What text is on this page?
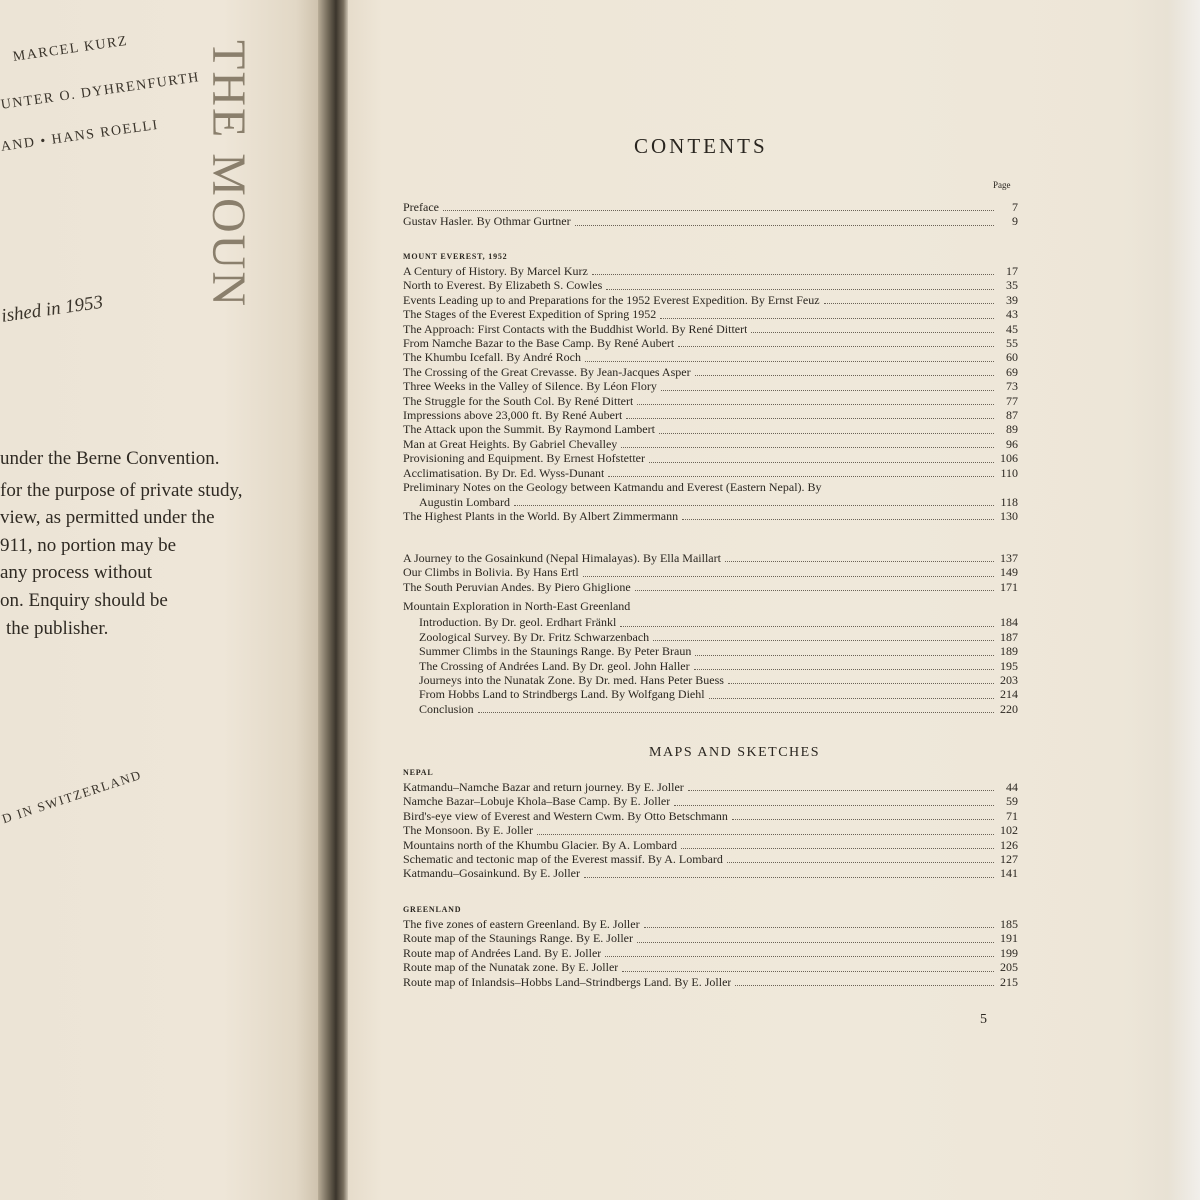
MARCEL KURZ
UNTER O. DYHRENFURTH
AND • HANS ROELLI THE MOUN
ished in 1953
under the Berne Convention.
for the purpose of private study,
view, as permitted under the
911, no portion may be
any process without
on. Enquiry should be
the publisher.
D IN SWITZERLAND
CONTENTS
Page
Preface	7
Gustav Hasler. By Othmar Gurtner	9
MOUNT EVEREST, 1952
A Century of History. By Marcel Kurz	17
North to Everest. By Elizabeth S. Cowles	35
Events Leading up to and Preparations for the 1952 Everest Expedition. By Ernst Feuz	39
The Stages of the Everest Expedition of Spring 1952	43
The Approach: First Contacts with the Buddhist World. By René Dittert	45
From Namche Bazar to the Base Camp. By René Aubert	55
The Khumbu Icefall. By André Roch	60
The Crossing of the Great Crevasse. By Jean-Jacques Asper	69
Three Weeks in the Valley of Silence. By Léon Flory	73
The Struggle for the South Col. By René Dittert	77
Impressions above 23,000 ft. By René Aubert	87
The Attack upon the Summit. By Raymond Lambert	89
Man at Great Heights. By Gabriel Chevalley	96
Provisioning and Equipment. By Ernest Hofstetter	106
Acclimatisation. By Dr. Ed. Wyss-Dunant	110
Preliminary Notes on the Geology between Katmandu and Everest (Eastern Nepal). By
Augustin Lombard	118
The Highest Plants in the World. By Albert Zimmermann	130
A Journey to the Gosainkund (Nepal Himalayas). By Ella Maillart	137
Our Climbs in Bolivia. By Hans Ertl	149
The South Peruvian Andes. By Piero Ghiglione	171
Mountain Exploration in North-East Greenland
Introduction. By Dr. geol. Erdhart Fränkl	184
Zoological Survey. By Dr. Fritz Schwarzenbach	187
Summer Climbs in the Staunings Range. By Peter Braun	189
The Crossing of Andrées Land. By Dr. geol. John Haller	195
Journeys into the Nunatak Zone. By Dr. med. Hans Peter Buess	203
From Hobbs Land to Strindbergs Land. By Wolfgang Diehl	214
Conclusion	220
MAPS AND SKETCHES
NEPAL
Katmandu–Namche Bazar and return journey. By E. Joller	44
Namche Bazar–Lobuje Khola–Base Camp. By E. Joller	59
Bird's-eye view of Everest and Western Cwm. By Otto Betschmann	71
The Monsoon. By E. Joller	102
Mountains north of the Khumbu Glacier. By A. Lombard	126
Schematic and tectonic map of the Everest massif. By A. Lombard	127
Katmandu–Gosainkund. By E. Joller	141
GREENLAND
The five zones of eastern Greenland. By E. Joller	185
Route map of the Staunings Range. By E. Joller	191
Route map of Andrées Land. By E. Joller	199
Route map of the Nunatak zone. By E. Joller	205
Route map of Inlandsis–Hobbs Land–Strindbergs Land. By E. Joller	215
5
